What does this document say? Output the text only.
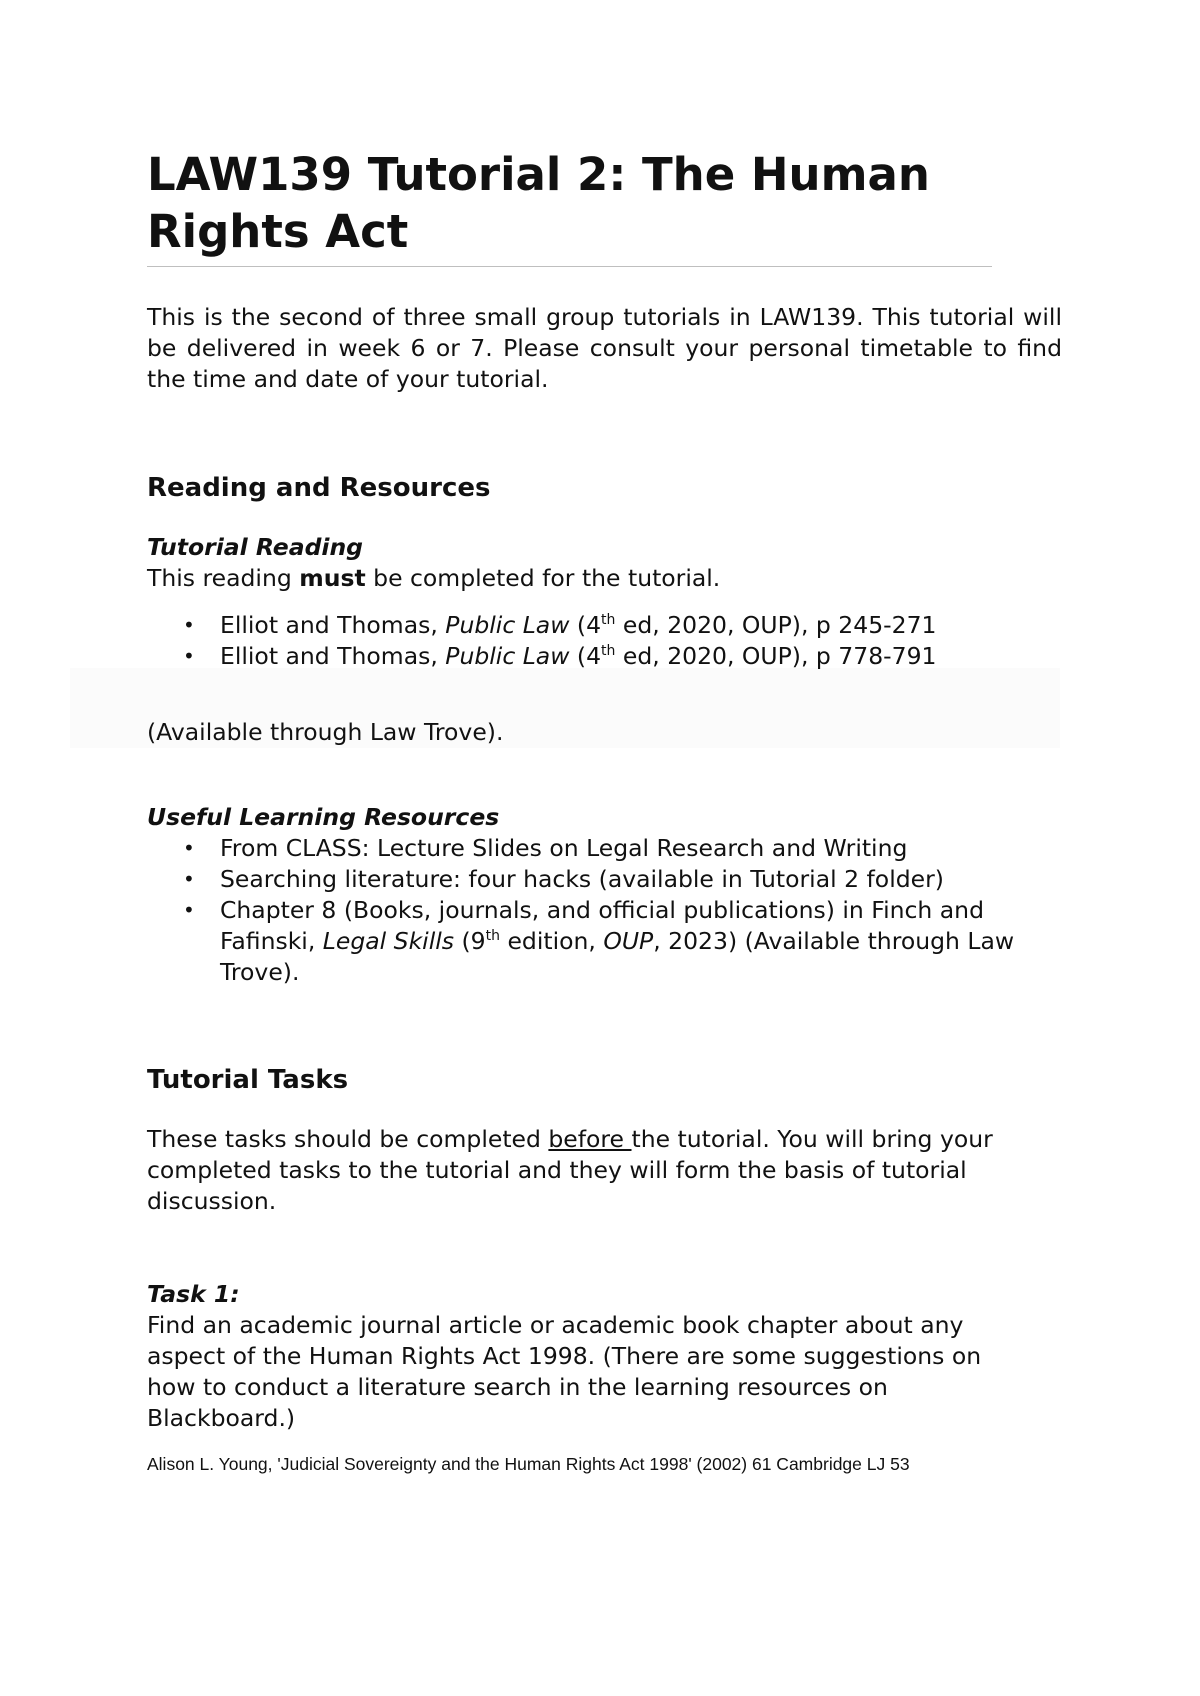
LAW139 Tutorial 2: The Human Rights Act

This is the second of three small group tutorials in LAW139. This tutorial will be delivered in week 6 or 7. Please consult your personal timetable to find the time and date of your tutorial.

Reading and Resources
Tutorial Reading

This reading must be completed for the tutorial.

• Elliot and Thomas, Public Law (4th ed, 2020, OUP), p 245-271
• Elliot and Thomas, Public Law (4th ed, 2020, OUP), p 778-791

(Available through Law Trove).

Useful Learning Resources
• From CLASS: Lecture Slides on Legal Research and Writing
• Searching literature: four hacks (available in Tutorial 2 folder)
• Chapter 8 (Books, journals, and official publications) in Finch and Fafinski, Legal Skills (9th edition, OUP, 2023) (Available through Law Trove).
Tutorial Tasks

These tasks should be completed before the tutorial. You will bring your completed tasks to the tutorial and they will form the basis of tutorial discussion.

Task 1:

Find an academic journal article or academic book chapter about any aspect of the Human Rights Act 1998. (There are some suggestions on how to conduct a literature search in the learning resources on Blackboard.)

Alison L. Young, 'Judicial Sovereignty and the Human Rights Act 1998' (2002) 61 Cambridge LJ 53
